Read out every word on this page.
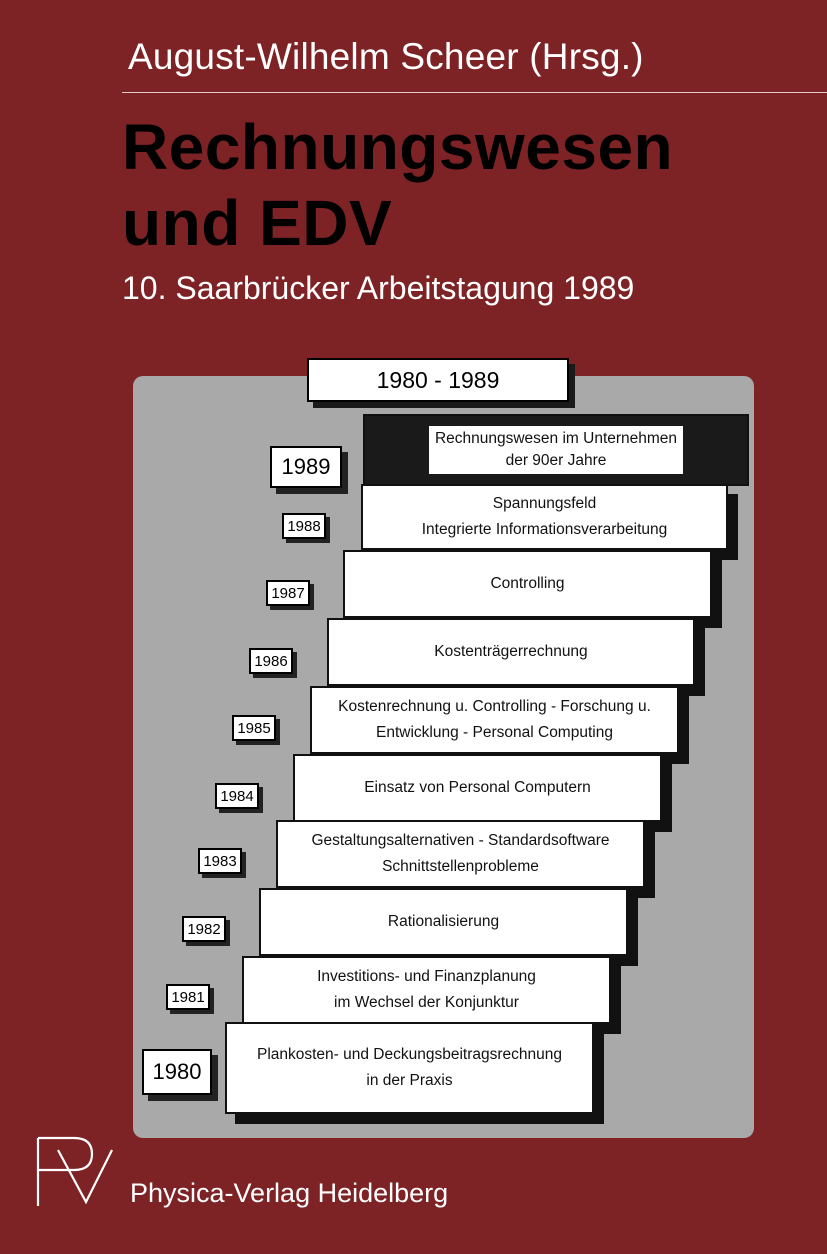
August-Wilhelm Scheer (Hrsg.)
Rechnungswesen
und EDV
10. Saarbrücker Arbeitstagung 1989
1980 - 1989
Rechnungswesen im Unternehmen
der 90er Jahre
1989
Spannungsfeld
Integrierte Informationsverarbeitung
1988
Controlling
1987
Kostenträgerrechnung
1986
Kostenrechnung u. Controlling - Forschung u.
Entwicklung - Personal Computing
1985
Einsatz von Personal Computern
1984
Gestaltungsalternativen - Standardsoftware
Schnittstellenprobleme
1983
Rationalisierung
1982
Investitions- und Finanzplanung
im Wechsel der Konjunktur
1981
Plankosten- und Deckungsbeitragsrechnung
in der Praxis
1980
Physica-Verlag Heidelberg
